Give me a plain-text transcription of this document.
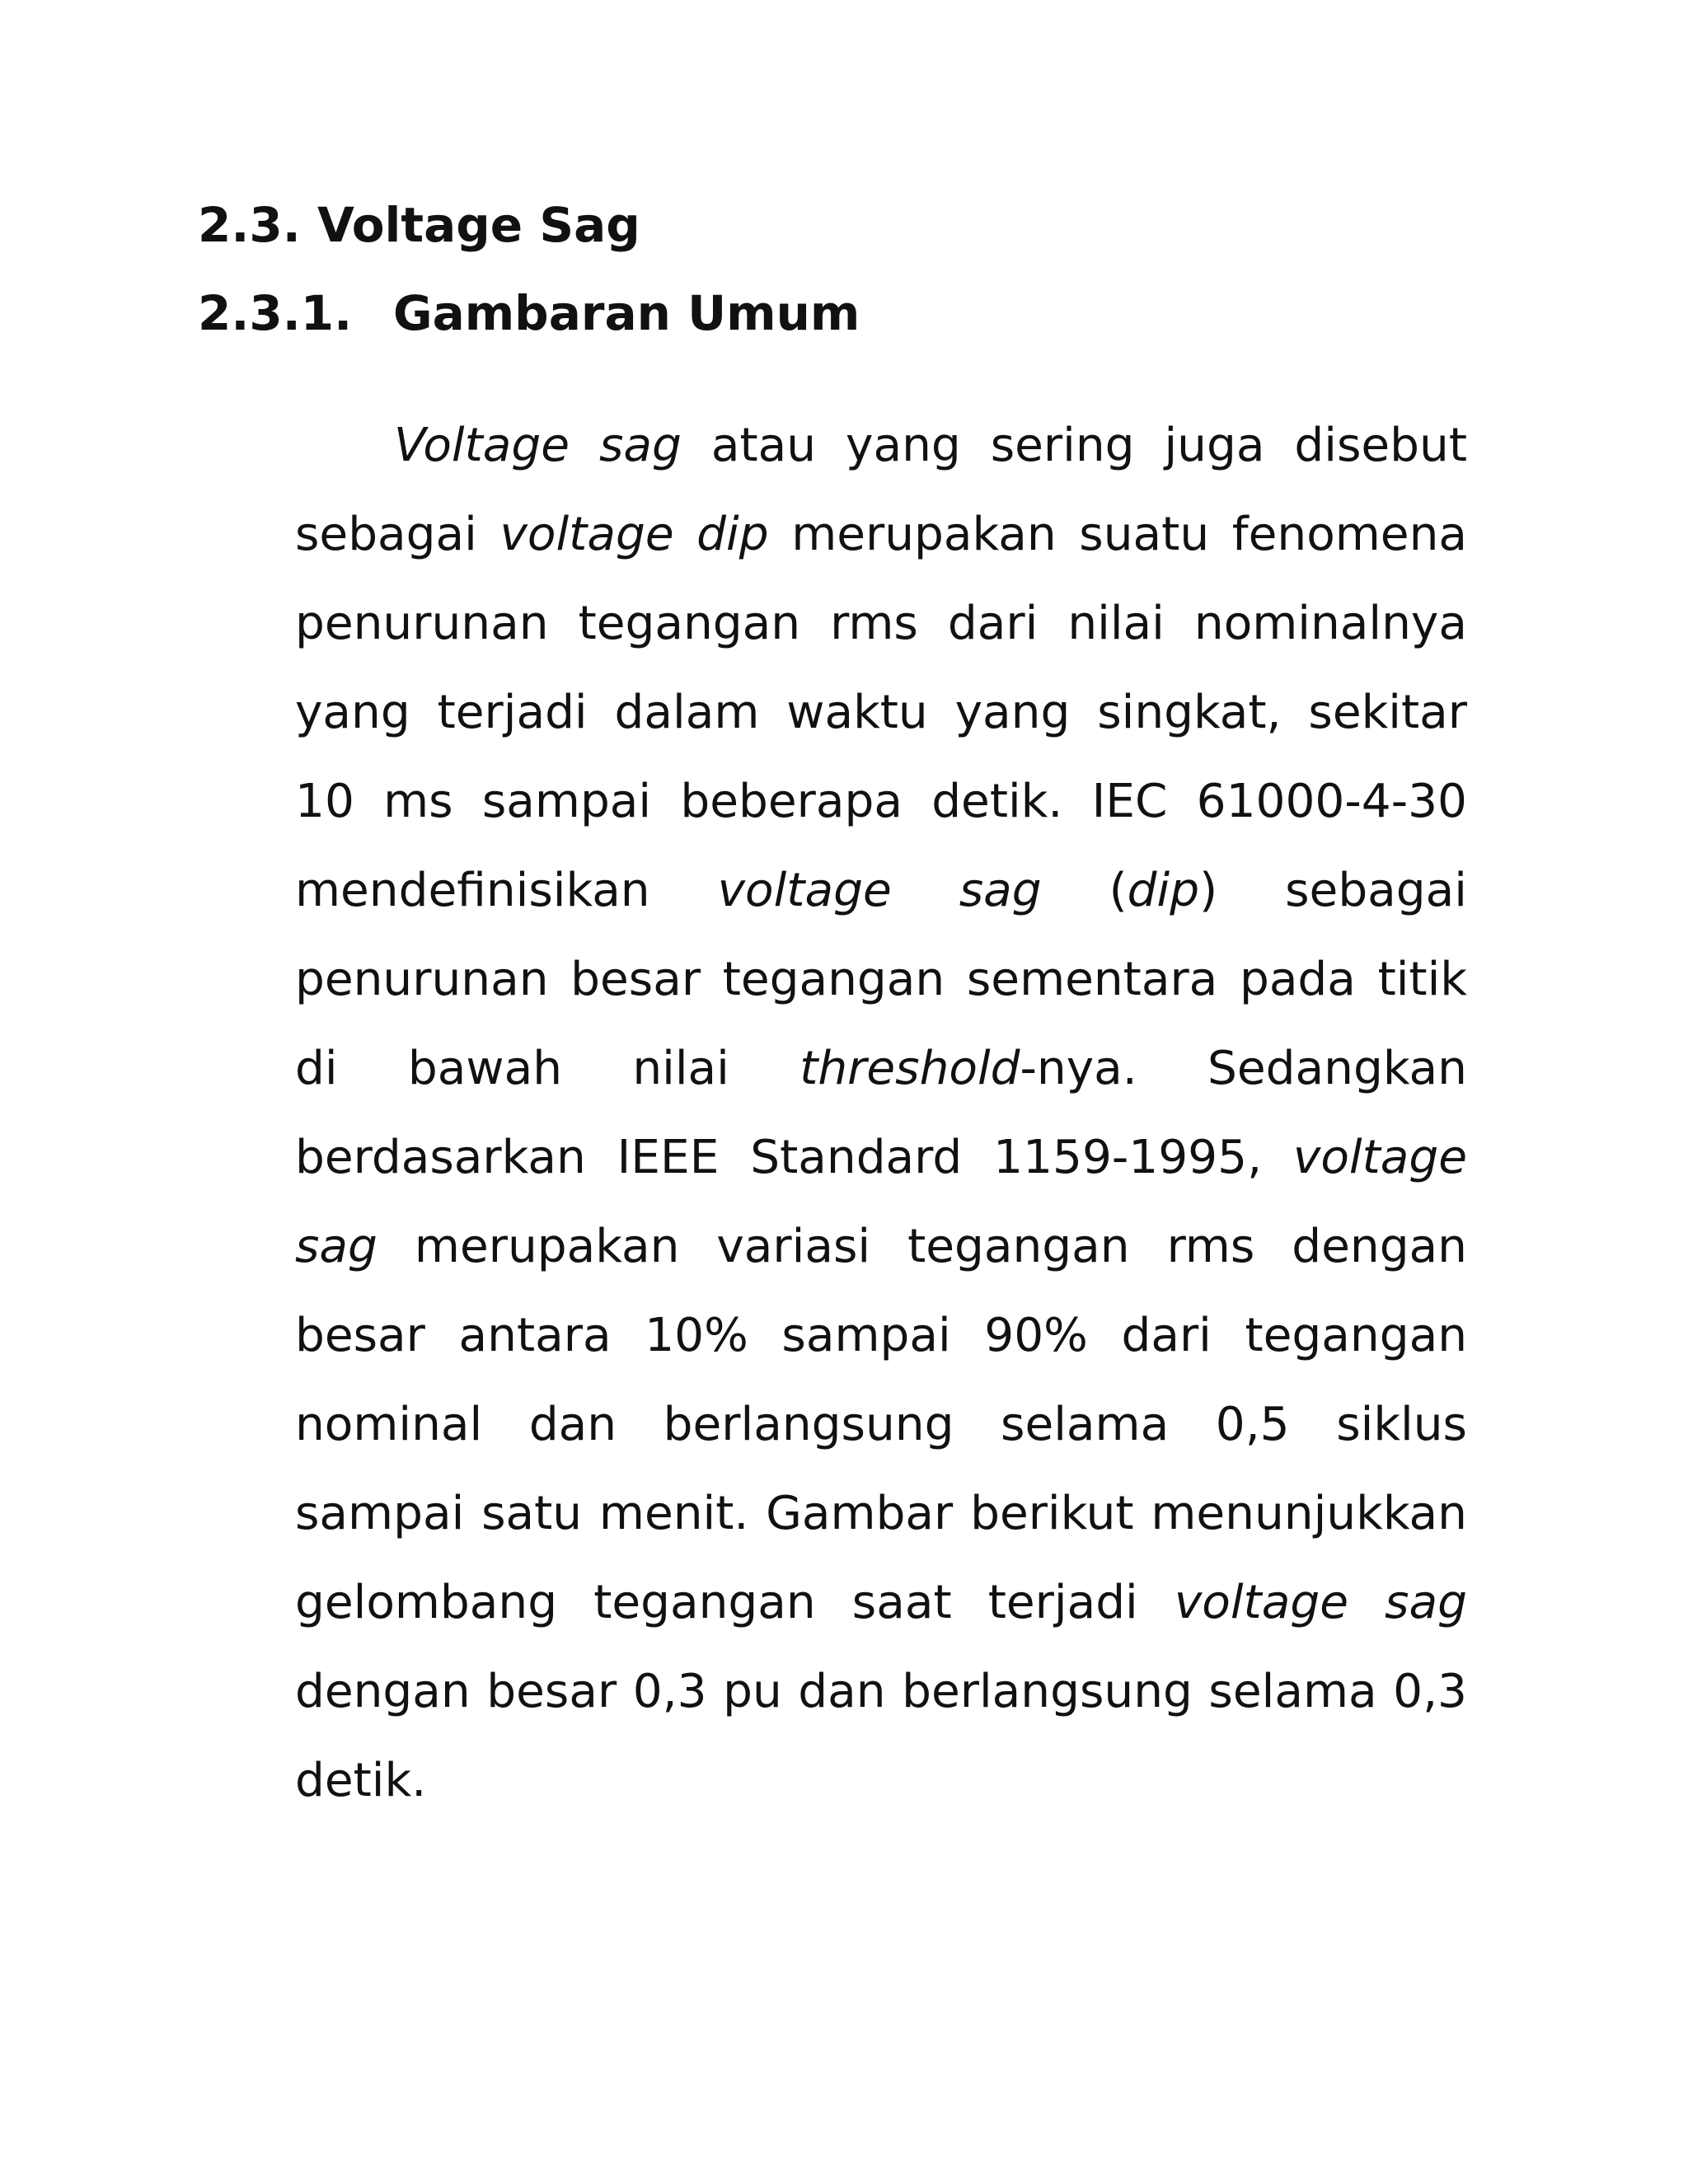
2.3. Voltage Sag
2.3.1. Gambaran Umum

Voltage sag atau yang sering juga disebut sebagai voltage dip merupakan suatu fenomena penurunan tegangan rms dari nilai nominalnya yang terjadi dalam waktu yang singkat, sekitar 10 ms sampai beberapa detik. IEC 61000-4-30 mendefinisikan voltage sag (dip) sebagai penurunan besar tegangan sementara pada titik di bawah nilai threshold-nya. Sedangkan berdasarkan IEEE Standard 1159-1995, voltage sag merupakan variasi tegangan rms dengan besar antara 10% sampai 90% dari tegangan nominal dan berlangsung selama 0,5 siklus sampai satu menit. Gambar berikut menunjukkan gelombang tegangan saat terjadi voltage sag dengan besar 0,3 pu dan berlangsung selama 0,3 detik.
